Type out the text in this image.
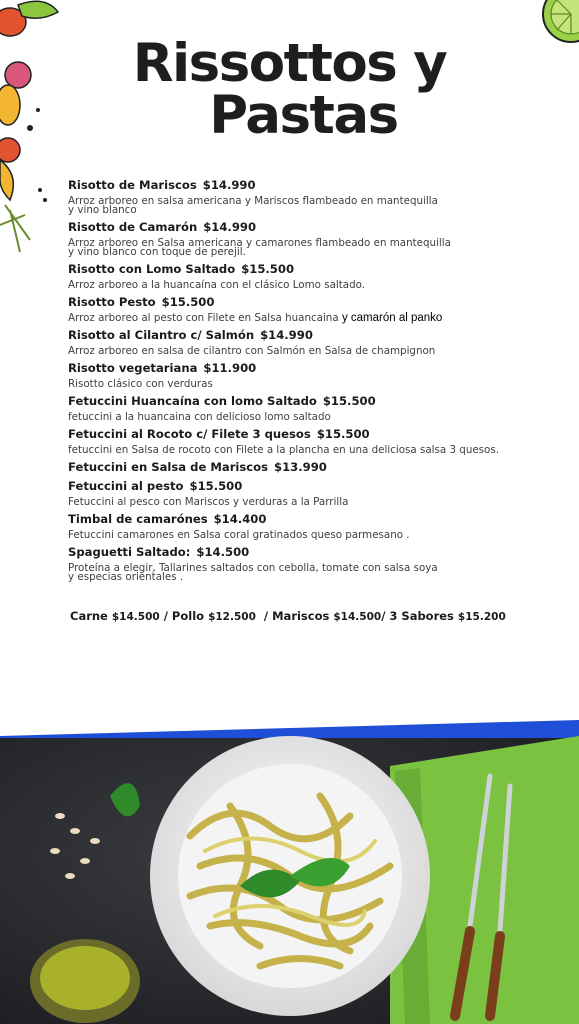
Rissottos y
Pastas
Risotto de Mariscos $14.990
Arroz arboreo en salsa americana y Mariscos flambeado en mantequilla
y vino blanco
Risotto de Camarón $14.990
Arroz arboreo en Salsa americana y camarones flambeado en mantequilla
y vino blanco con toque de perejil.
Risotto con Lomo Saltado $15.500
Arroz arboreo a la huancaína con el clásico Lomo saltado.
Risotto Pesto $15.500
Arroz arboreo al pesto con Filete en Salsa huancaina y camarón al panko
Risotto al Cilantro c/ Salmón $14.990
Arroz arboreo en salsa de cilantro con Salmón en Salsa de champignon
Risotto vegetariana $11.900
Risotto clásico con verduras
Fetuccini Huancaína con lomo Saltado $15.500
fetuccini a la huancaina con delicioso lomo saltado
Fetuccini al Rocoto c/ Filete 3 quesos $15.500
fetuccini en Salsa de rocoto con Filete a la plancha en una deliciosa salsa 3 quesos.
Fetuccini en Salsa de Mariscos $13.990
Fetuccini al pesto $15.500
Fetuccini al pesco con Mariscos y verduras a la Parrilla
Timbal de camarónes $14.400
Fetuccini camarones en Salsa coral gratinados queso parmesano .
Spaguetti Saltado: $14.500
Proteína a elegir, Tallarines saltados con cebolla, tomate con salsa soya
y especias orientales .
Carne $14.500 / Pollo $12.500  / Mariscos $14.500/ 3 Sabores $15.200
